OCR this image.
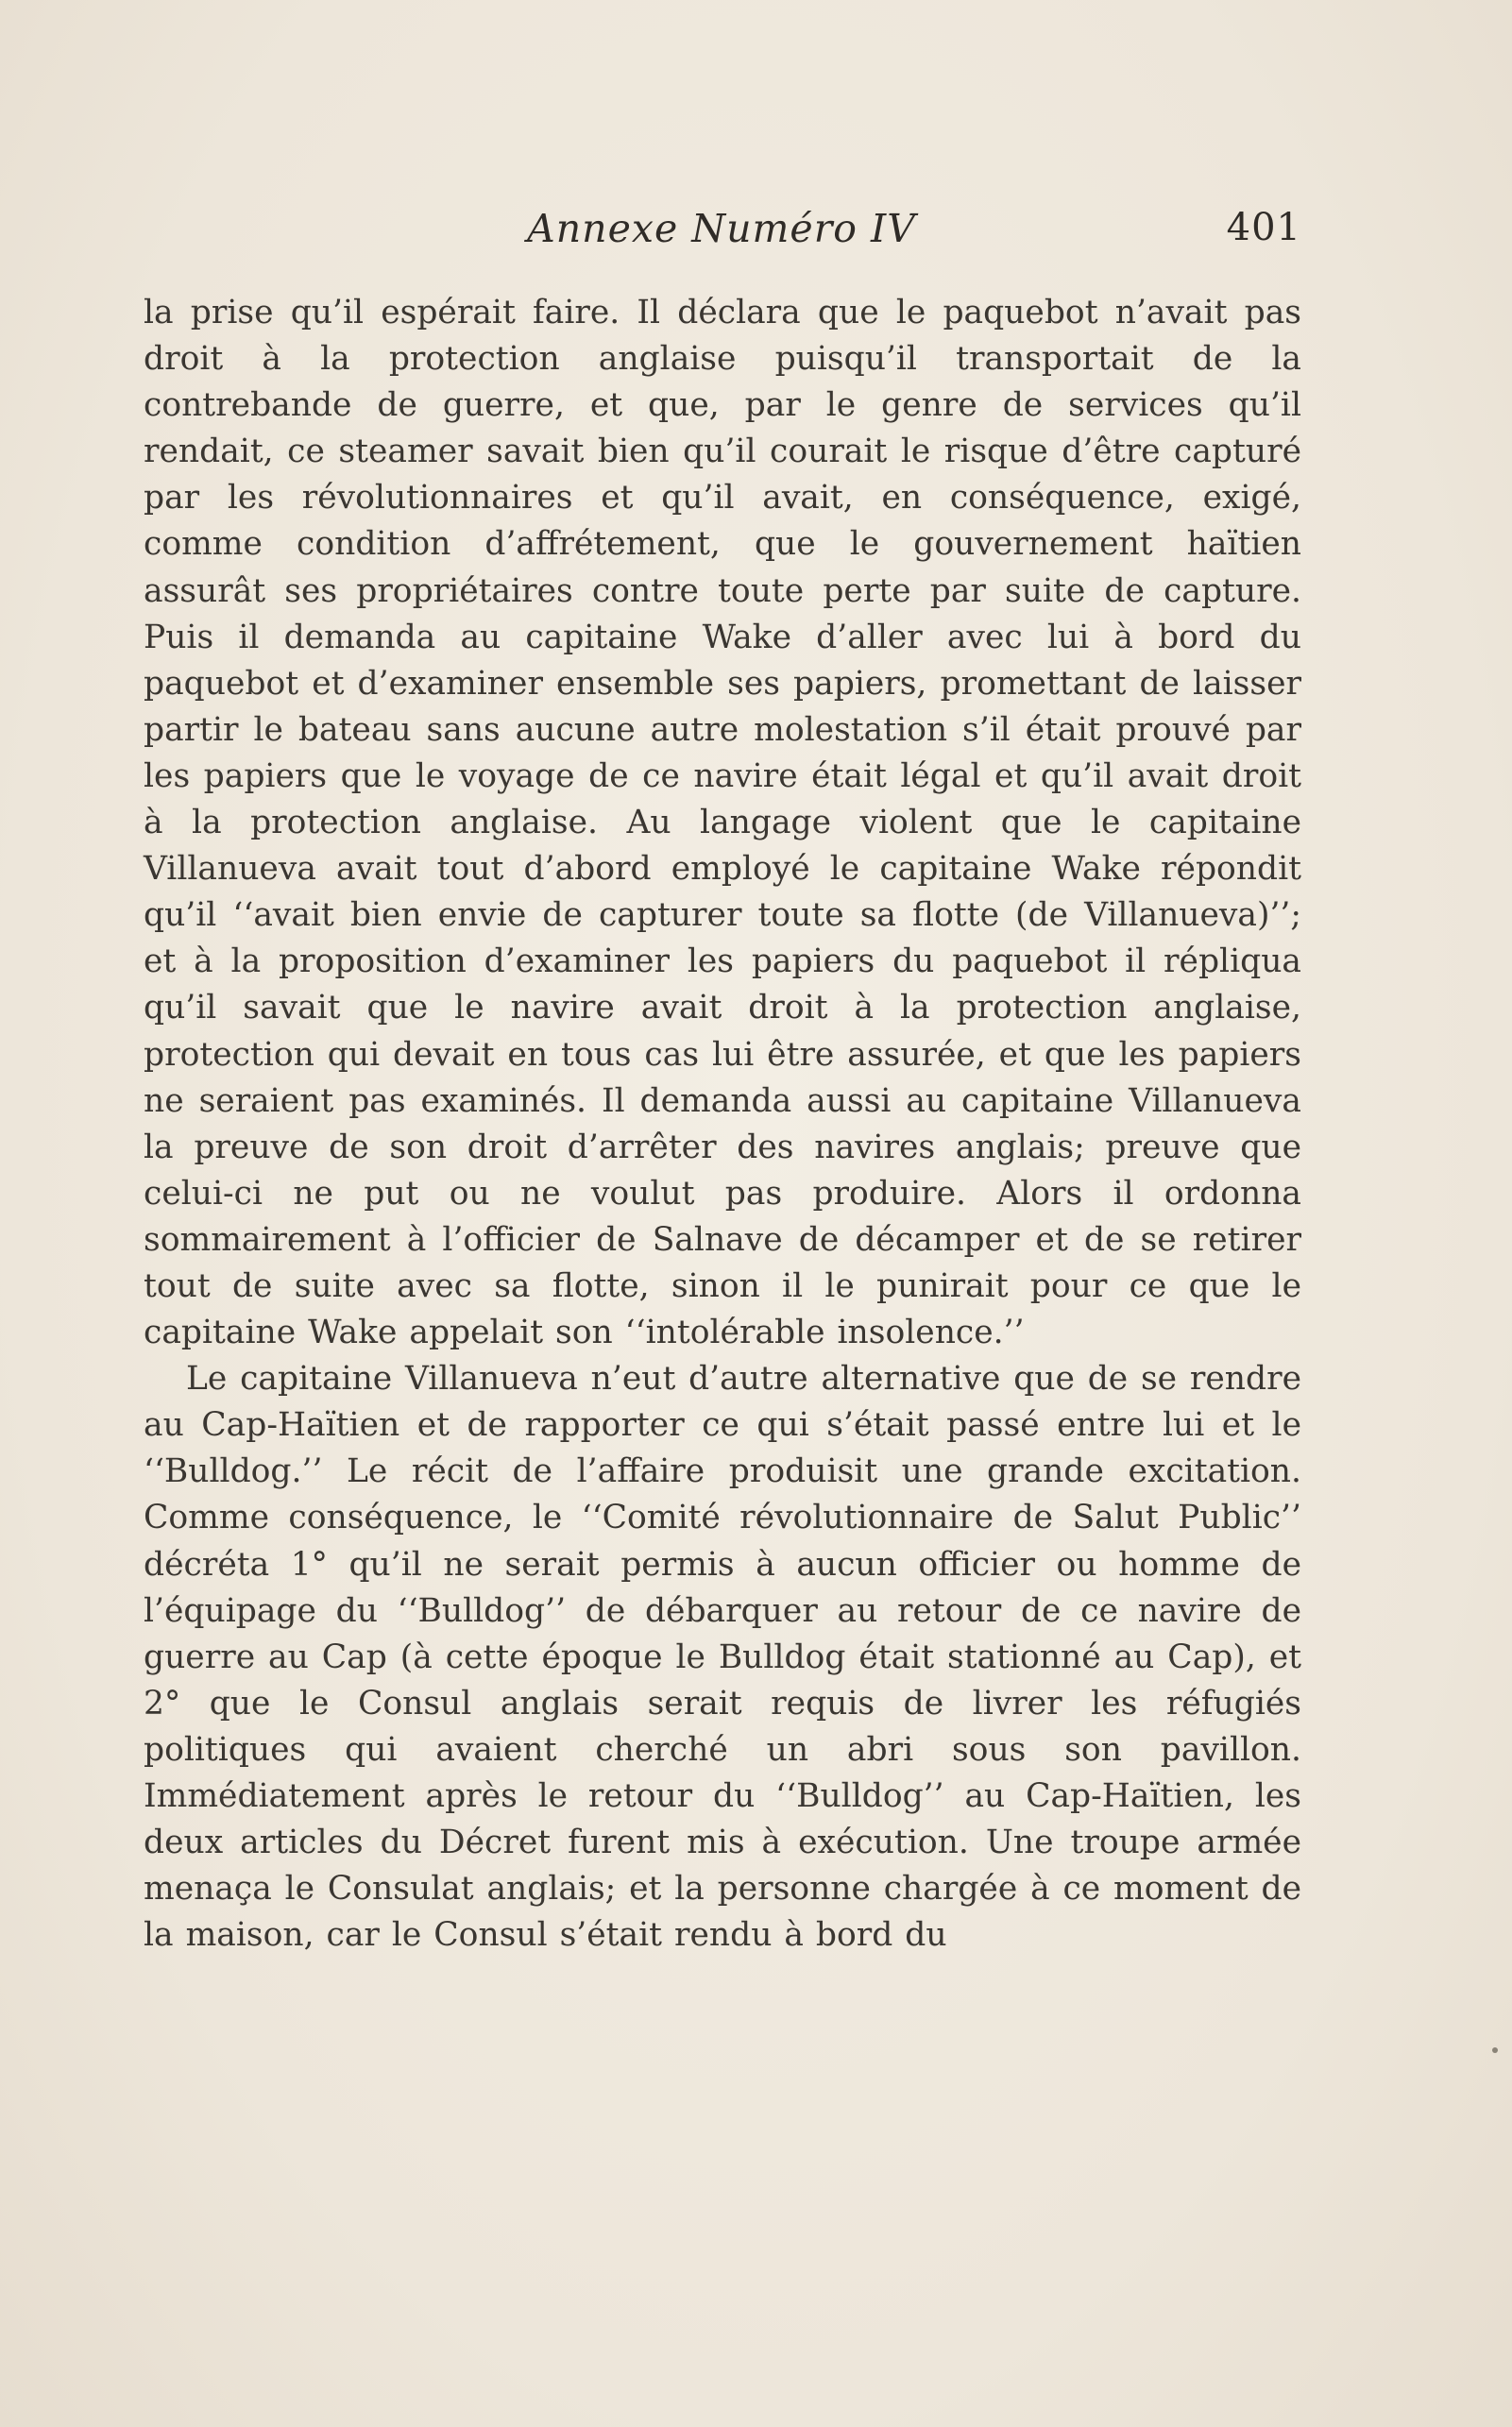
Annexe Numéro IV	401

la prise qu’il espérait faire. Il déclara que le paquebot n’avait pas droit à la protection anglaise puisqu’il transportait de la contrebande de guerre, et que, par le genre de services qu’il rendait, ce steamer savait bien qu’il courait le risque d’être capturé par les révolutionnaires et qu’il avait, en conséquence, exigé, comme condition d’affrétement, que le gouvernement haïtien assurât ses propriétaires contre toute perte par suite de capture. Puis il demanda au capitaine Wake d’aller avec lui à bord du paquebot et d’examiner ensemble ses papiers, promettant de laisser partir le bateau sans aucune autre molestation s’il était prouvé par les papiers que le voyage de ce navire était légal et qu’il avait droit à la protection anglaise. Au langage violent que le capitaine Villanueva avait tout d’abord employé le capitaine Wake répondit qu’il ‘‘avait bien envie de capturer toute sa flotte (de Villanueva)’’; et à la proposition d’examiner les papiers du paquebot il répliqua qu’il savait que le navire avait droit à la protection anglaise, protection qui devait en tous cas lui être assurée, et que les papiers ne seraient pas examinés. Il demanda aussi au capitaine Villanueva la preuve de son droit d’arrêter des navires anglais; preuve que celui-ci ne put ou ne voulut pas produire. Alors il ordonna sommairement à l’officier de Salnave de décamper et de se retirer tout de suite avec sa flotte, sinon il le punirait pour ce que le capitaine Wake appelait son ‘‘intolérable insolence.’’

Le capitaine Villanueva n’eut d’autre alternative que de se rendre au Cap-Haïtien et de rapporter ce qui s’était passé entre lui et le ‘‘Bulldog.’’ Le récit de l’affaire produisit une grande excitation. Comme conséquence, le ‘‘Comité révolutionnaire de Salut Public’’ décréta 1° qu’il ne serait permis à aucun officier ou homme de l’équipage du ‘‘Bulldog’’ de débarquer au retour de ce navire de guerre au Cap (à cette époque le Bulldog était stationné au Cap), et 2° que le Consul anglais serait requis de livrer les réfugiés politiques qui avaient cherché un abri sous son pavillon. Immédiatement après le retour du ‘‘Bulldog’’ au Cap-Haïtien, les deux articles du Décret furent mis à exécution. Une troupe armée menaça le Consulat anglais; et la personne chargée à ce moment de la maison, car le Consul s’était rendu à bord du
